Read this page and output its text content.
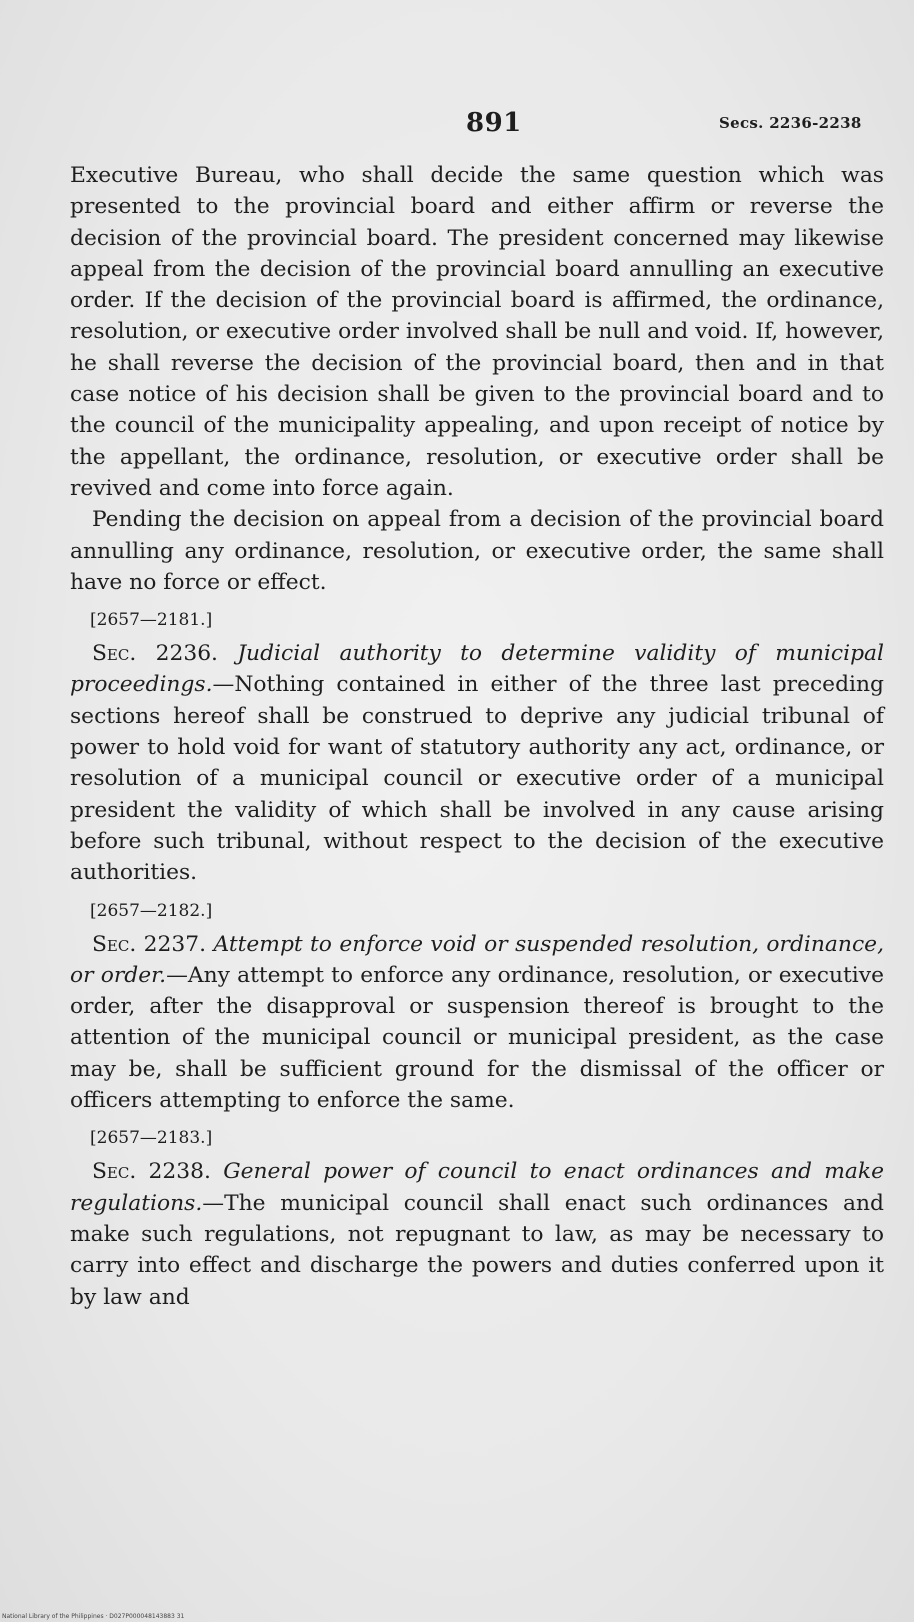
891	Secs. 2236-2238

Executive Bureau, who shall decide the same question which was presented to the provincial board and either affirm or reverse the decision of the provincial board. The president concerned may likewise appeal from the decision of the provincial board annulling an executive order. If the decision of the provincial board is affirmed, the ordinance, resolution, or executive order involved shall be null and void. If, however, he shall reverse the decision of the provincial board, then and in that case notice of his decision shall be given to the provincial board and to the council of the municipality appealing, and upon receipt of notice by the appellant, the ordinance, resolution, or executive order shall be revived and come into force again.

Pending the decision on appeal from a decision of the provincial board annulling any ordinance, resolution, or executive order, the same shall have no force or effect.

[2657—2181.]

Sec. 2236. Judicial authority to determine validity of municipal proceedings.—Nothing contained in either of the three last preceding sections hereof shall be construed to deprive any judicial tribunal of power to hold void for want of statutory authority any act, ordinance, or resolution of a municipal council or executive order of a municipal president the validity of which shall be involved in any cause arising before such tribunal, without respect to the decision of the executive authorities.

[2657—2182.]

Sec. 2237. Attempt to enforce void or suspended resolution, ordinance, or order.—Any attempt to enforce any ordinance, resolution, or executive order, after the disapproval or suspension thereof is brought to the attention of the municipal council or municipal president, as the case may be, shall be sufficient ground for the dismissal of the officer or officers attempting to enforce the same.

[2657—2183.]

Sec. 2238. General power of council to enact ordinances and make regulations.—The municipal council shall enact such ordinances and make such regulations, not repugnant to law, as may be necessary to carry into effect and discharge the powers and duties conferred upon it by law and

National Library of the Philippines · D027P000048143883 31
